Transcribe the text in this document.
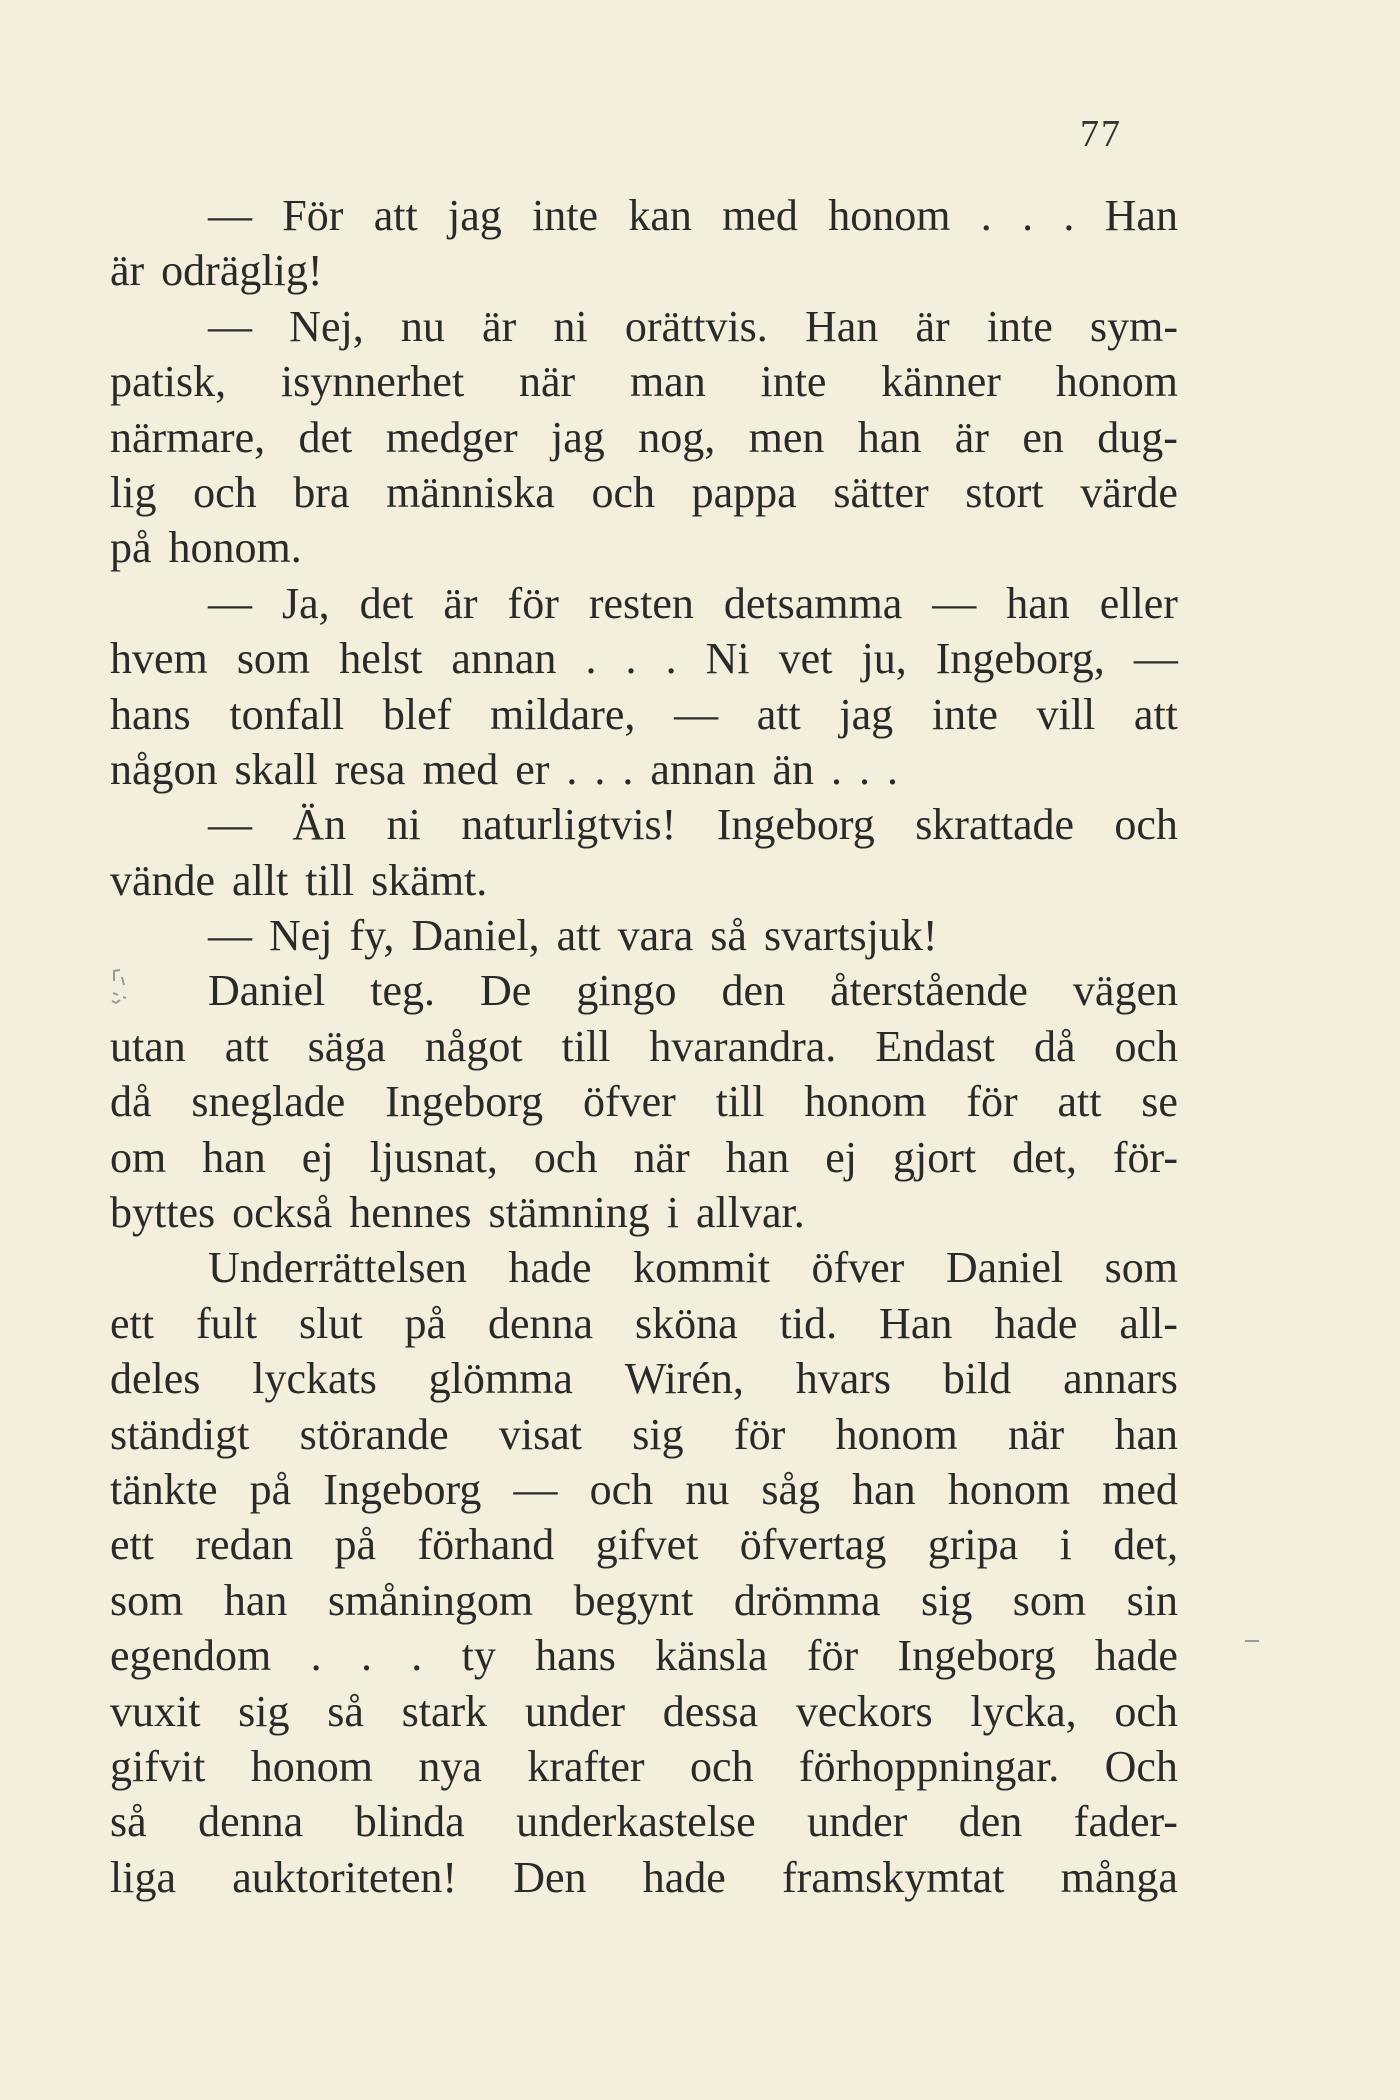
77
— För att jag inte kan med honom . . . Han
är odräglig!
— Nej, nu är ni orättvis. Han är inte sym-
patisk, isynnerhet när man inte känner honom
närmare, det medger jag nog, men han är en dug-
lig och bra människa och pappa sätter stort värde
på honom.
— Ja, det är för resten detsamma — han eller
hvem som helst annan . . . Ni vet ju, Ingeborg, —
hans tonfall blef mildare, — att jag inte vill att
någon skall resa med er . . . annan än . . .
— Än ni naturligtvis! Ingeborg skrattade och
vände allt till skämt.
— Nej fy, Daniel, att vara så svartsjuk!
Daniel teg. De gingo den återstående vägen
utan att säga något till hvarandra. Endast då och
då sneglade Ingeborg öfver till honom för att se
om han ej ljusnat, och när han ej gjort det, för-
byttes också hennes stämning i allvar.
Underrättelsen hade kommit öfver Daniel som
ett fult slut på denna sköna tid. Han hade all-
deles lyckats glömma Wirén, hvars bild annars
ständigt störande visat sig för honom när han
tänkte på Ingeborg — och nu såg han honom med
ett redan på förhand gifvet öfvertag gripa i det,
som han småningom begynt drömma sig som sin
egendom . . . ty hans känsla för Ingeborg hade
vuxit sig så stark under dessa veckors lycka, och
gifvit honom nya krafter och förhoppningar. Och
så denna blinda underkastelse under den fader-
liga auktoriteten! Den hade framskymtat många
